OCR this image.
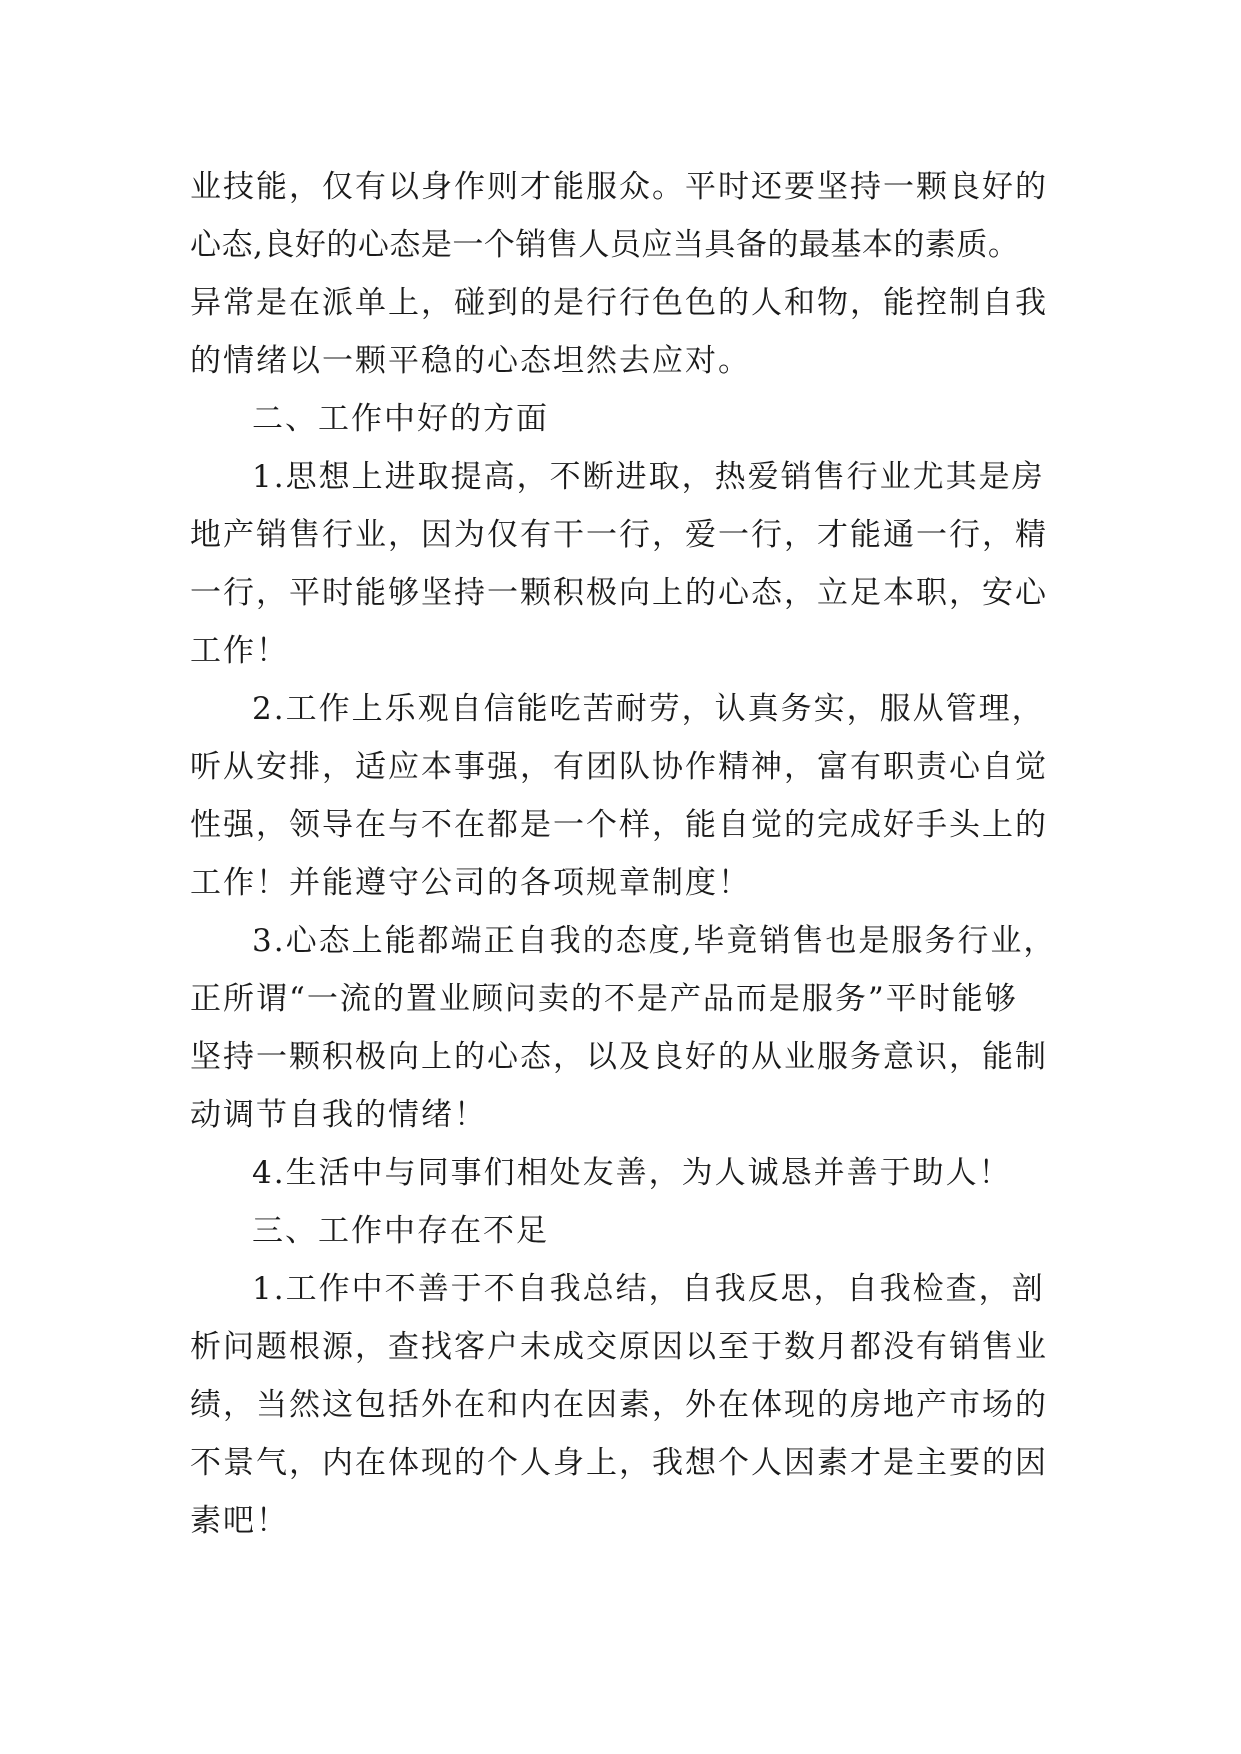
业技能，仅有以身作则才能服众。平时还要坚持一颗良好的
心态,良好的心态是一个销售人员应当具备的最基本的素质。
异常是在派单上，碰到的是行行色色的人和物，能控制自我
的情绪以一颗平稳的心态坦然去应对。
二、工作中好的方面
1.思想上进取提高，不断进取，热爱销售行业尤其是房
地产销售行业，因为仅有干一行，爱一行，才能通一行，精
一行，平时能够坚持一颗积极向上的心态，立足本职，安心
工作！
2.工作上乐观自信能吃苦耐劳，认真务实，服从管理，
听从安排，适应本事强，有团队协作精神，富有职责心自觉
性强，领导在与不在都是一个样，能自觉的完成好手头上的
工作！并能遵守公司的各项规章制度！
3.心态上能都端正自我的态度,毕竟销售也是服务行业，
正所谓“一流的置业顾问卖的不是产品而是服务”平时能够
坚持一颗积极向上的心态，以及良好的从业服务意识，能制
动调节自我的情绪！
4.生活中与同事们相处友善，为人诚恳并善于助人！
三、工作中存在不足
1.工作中不善于不自我总结，自我反思，自我检查，剖
析问题根源，查找客户未成交原因以至于数月都没有销售业
绩，当然这包括外在和内在因素，外在体现的房地产市场的
不景气，内在体现的个人身上，我想个人因素才是主要的因
素吧！
